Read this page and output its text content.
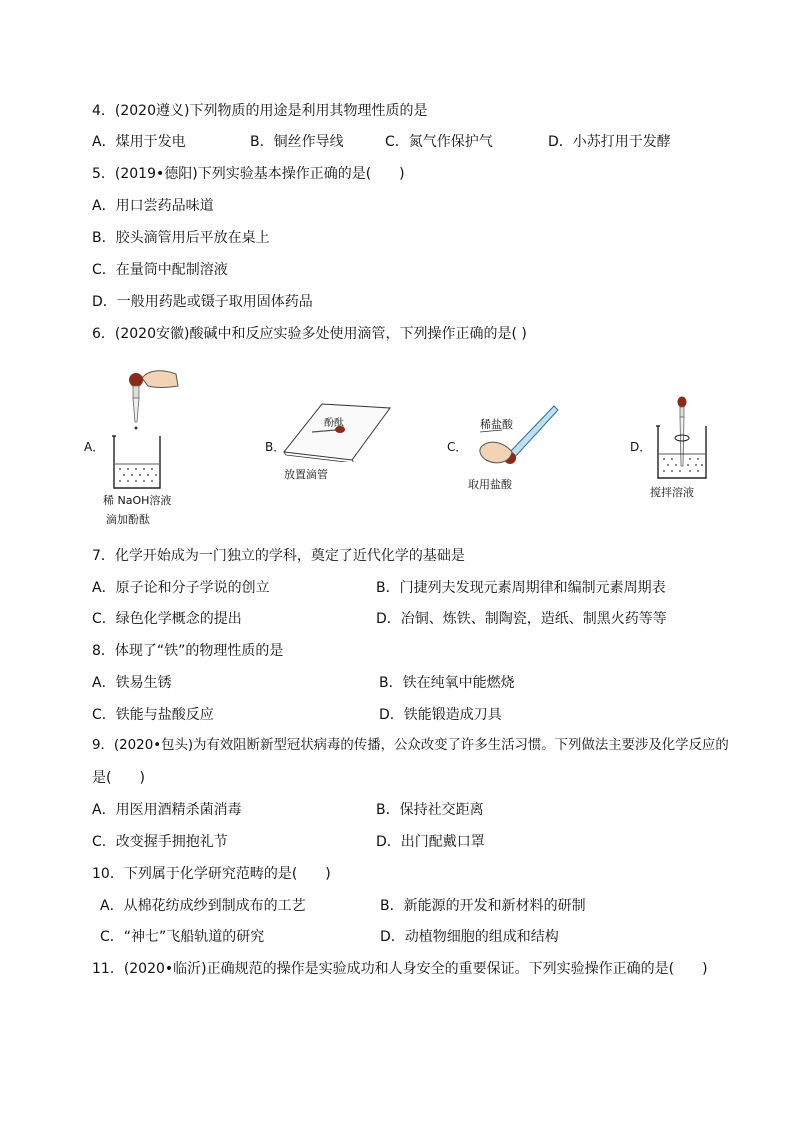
4．(2020遵义)下列物质的用途是利用其物理性质的是
A．煤用于发电	B．铜丝作导线	C．氮气作保护气	D．小苏打用于发酵
5．(2019•德阳)下列实验基本操作正确的是(　　)
A．用口尝药品味道
B．胶头滴管用后平放在桌上
C．在量筒中配制溶液
D．一般用药匙或镊子取用固体药品
6．(2020安徽)酸碱中和反应实验多处使用滴管，下列操作正确的是( )
A．
稀 NaOH溶液
滴加酚酞
B．
酚酞
放置滴管
C．
稀盐酸
取用盐酸
D．
搅拌溶液
7．化学开始成为一门独立的学科，奠定了近代化学的基础是
A．原子论和分子学说的创立	B．门捷列夫发现元素周期律和编制元素周期表
C．绿色化学概念的提出	D．冶铜、炼铁、制陶瓷，造纸、制黑火药等等
8．体现了“铁”的物理性质的是
A．铁易生锈	B．铁在纯氧中能燃烧
C．铁能与盐酸反应	D．铁能锻造成刀具
9．(2020•包头)为有效阻断新型冠状病毒的传播，公众改变了许多生活习惯。下列做法主要涉及化学反应的
是(　　)
A．用医用酒精杀菌消毒	B．保持社交距离
C．改变握手拥抱礼节	D．出门配戴口罩
10．下列属于化学研究范畴的是(　　)
A．从棉花纺成纱到制成布的工艺	B．新能源的开发和新材料的研制
C．“神七”飞船轨道的研究	D．动植物细胞的组成和结构
11．(2020•临沂)正确规范的操作是实验成功和人身安全的重要保证。下列实验操作正确的是(　　)
